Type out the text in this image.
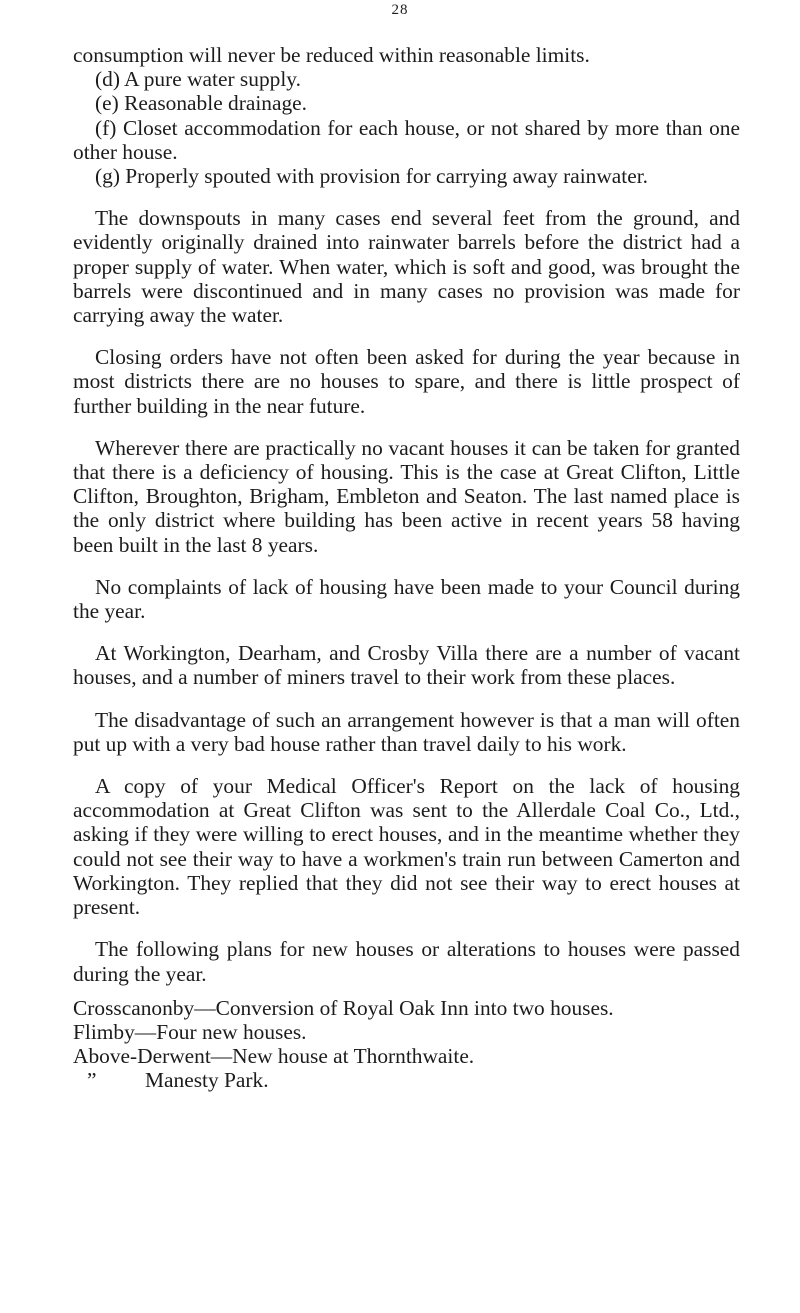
28

consumption will never be reduced within reasonable limits.

(d) A pure water supply.

(e) Reasonable drainage.

(f) Closet accommodation for each house, or not shared by more than one other house.

(g) Properly spouted with provision for carrying away rainwater.

The downspouts in many cases end several feet from the ground, and evidently originally drained into rainwater barrels before the district had a proper supply of water. When water, which is soft and good, was brought the barrels were discontinued and in many cases no provision was made for carrying away the water.

Closing orders have not often been asked for during the year because in most districts there are no houses to spare, and there is little prospect of further building in the near future.

Wherever there are practically no vacant houses it can be taken for granted that there is a deficiency of housing. This is the case at Great Clifton, Little Clifton, Broughton, Brigham, Embleton and Seaton. The last named place is the only district where building has been active in recent years 58 having been built in the last 8 years.

No complaints of lack of housing have been made to your Council during the year.

At Workington, Dearham, and Crosby Villa there are a number of vacant houses, and a number of miners travel to their work from these places.

The disadvantage of such an arrangement however is that a man will often put up with a very bad house rather than travel daily to his work.

A copy of your Medical Officer's Report on the lack of housing accommodation at Great Clifton was sent to the Allerdale Coal Co., Ltd., asking if they were willing to erect houses, and in the meantime whether they could not see their way to have a workmen's train run between Camerton and Workington. They replied that they did not see their way to erect houses at present.

The following plans for new houses or alterations to houses were passed during the year.

Crosscanonby—Conversion of Royal Oak Inn into two houses.

Flimby—Four new houses.

Above-Derwent—New house at Thornthwaite.

” Manesty Park.
